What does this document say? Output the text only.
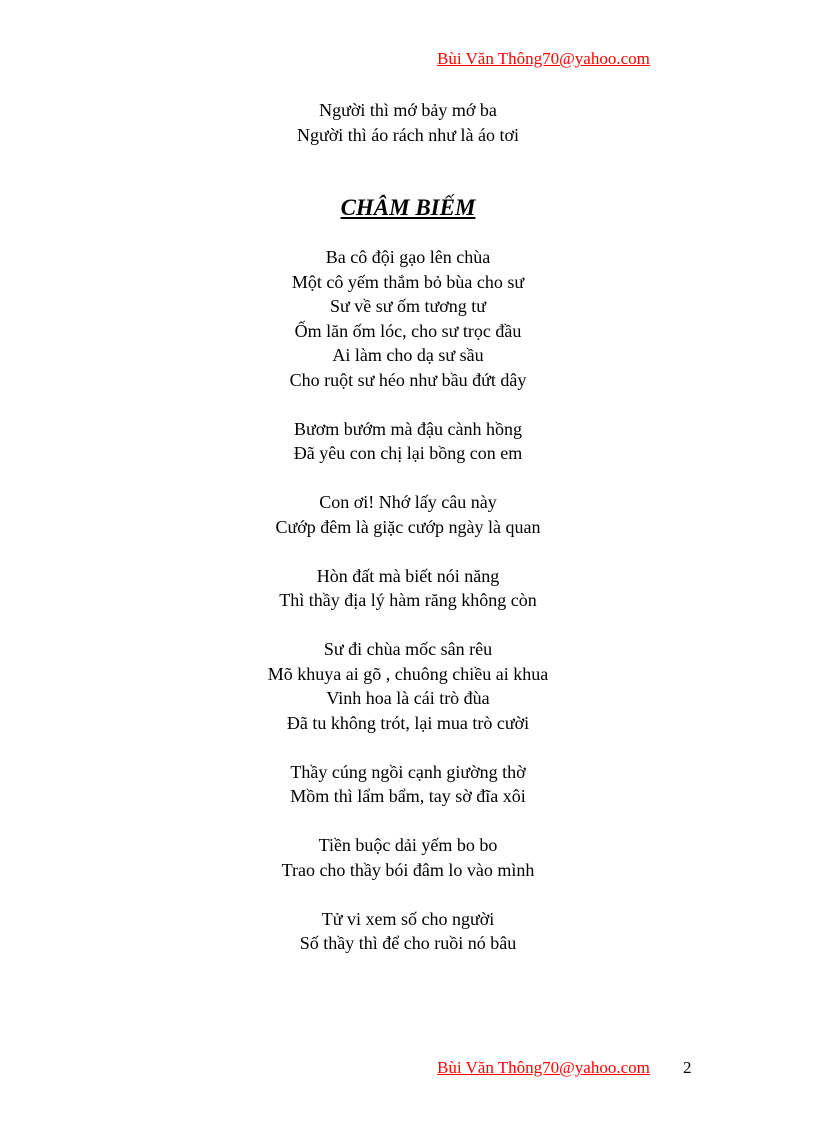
Bùi Văn Thông70@yahoo.com
Người thì mớ bảy mớ ba
Người thì áo rách như là áo tơi
CHÂM BIẾM
Ba cô đội gạo lên chùa
Một cô yếm thắm bỏ bùa cho sư
Sư về sư ốm tương tư
Ốm lăn ốm lóc, cho sư trọc đầu
Ai làm cho dạ sư sầu
Cho ruột sư héo như bầu đứt dây
Bươm bướm mà đậu cành hồng
Đã yêu con chị lại bồng con em
Con ơi! Nhớ lấy câu này
Cướp đêm là giặc cướp ngày là quan
Hòn đất mà biết nói năng
Thì thầy địa lý hàm răng không còn
Sư đi chùa mốc sân rêu
Mõ khuya ai gõ , chuông chiều ai khua
Vinh hoa là cái trò đùa
Đã tu không trót, lại mua trò cười
Thầy cúng ngồi cạnh giường thờ
Mồm thì lẩm bẩm, tay sờ đĩa xôi
Tiền buộc dải yếm bo bo
Trao cho thầy bói đâm lo vào mình
Tử vi xem số cho người
Số thầy thì để cho ruồi nó bâu
Bùi Văn Thông70@yahoo.com 2
